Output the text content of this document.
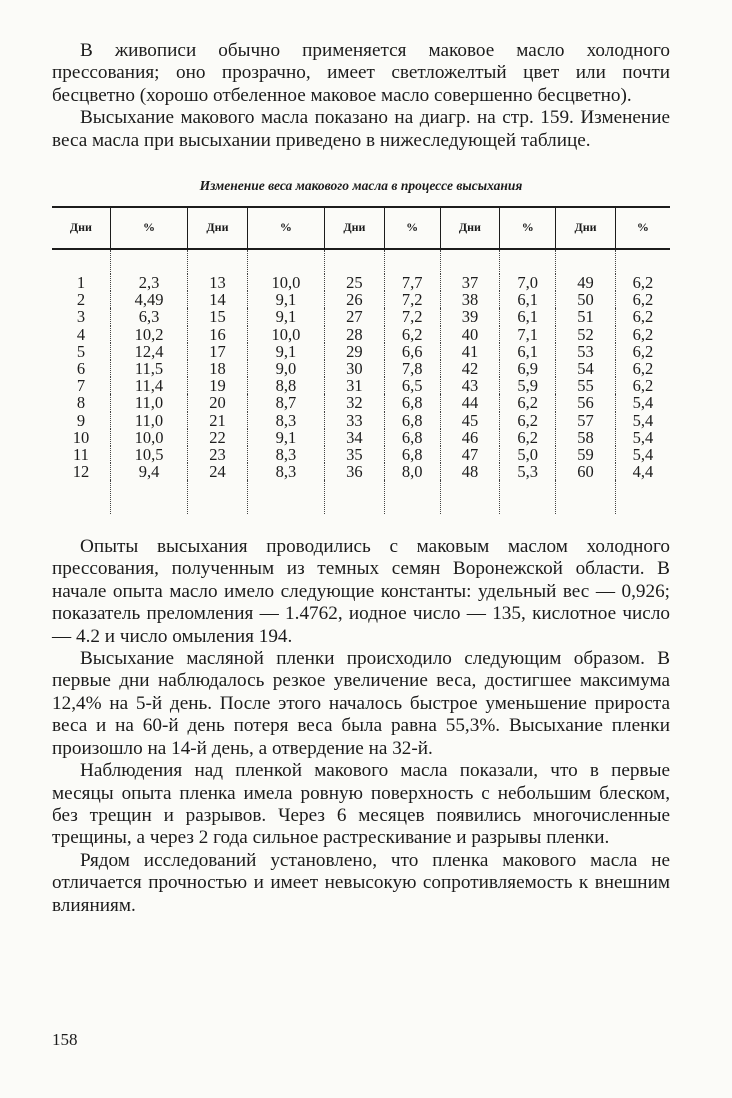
В живописи обычно применяется маковое масло холодного прессования; оно прозрачно, имеет светложелтый цвет или почти бесцветно (хорошо отбеленное маковое масло совершенно бесцветно).

Высыхание макового масла показано на диагр. на стр. 159. Изменение веса масла при высыхании приведено в нижеследующей таблице.

Изменение веса макового масла в процессе высыхания

Дни	%	Дни	%	Дни	%	Дни	%	Дни	%

1	2,3	13	10,0	25	7,7	37	7,0	49	6,2
2	4,49	14	9,1	26	7,2	38	6,1	50	6,2
3	6,3	15	9,1	27	7,2	39	6,1	51	6,2
4	10,2	16	10,0	28	6,2	40	7,1	52	6,2
5	12,4	17	9,1	29	6,6	41	6,1	53	6,2
6	11,5	18	9,0	30	7,8	42	6,9	54	6,2
7	11,4	19	8,8	31	6,5	43	5,9	55	6,2
8	11,0	20	8,7	32	6,8	44	6,2	56	5,4
9	11,0	21	8,3	33	6,8	45	6,2	57	5,4
10	10,0	22	9,1	34	6,8	46	6,2	58	5,4
11	10,5	23	8,3	35	6,8	47	5,0	59	5,4
12	9,4	24	8,3	36	8,0	48	5,3	60	4,4

Опыты высыхания проводились с маковым маслом холодного прессования, полученным из темных семян Воронежской области. В начале опыта масло имело следующие константы: удельный вес — 0,926; показатель преломления — 1.4762, иодное число — 135, кислотное число — 4.2 и число омыления 194.

Высыхание масляной пленки происходило следующим образом. В первые дни наблюдалось резкое увеличение веса, достигшее максимума 12,4% на 5-й день. После этого началось быстрое уменьшение прироста веса и на 60-й день потеря веса была равна 55,3%. Высыхание пленки произошло на 14-й день, а отвердение на 32-й.

Наблюдения над пленкой макового масла показали, что в первые месяцы опыта пленка имела ровную поверхность с небольшим блеском, без трещин и разрывов. Через 6 месяцев появились многочисленные трещины, а через 2 года сильное растрескивание и разрывы пленки.

Рядом исследований установлено, что пленка макового масла не отличается прочностью и имеет невысокую сопротивляемость к внешним влияниям.

158
